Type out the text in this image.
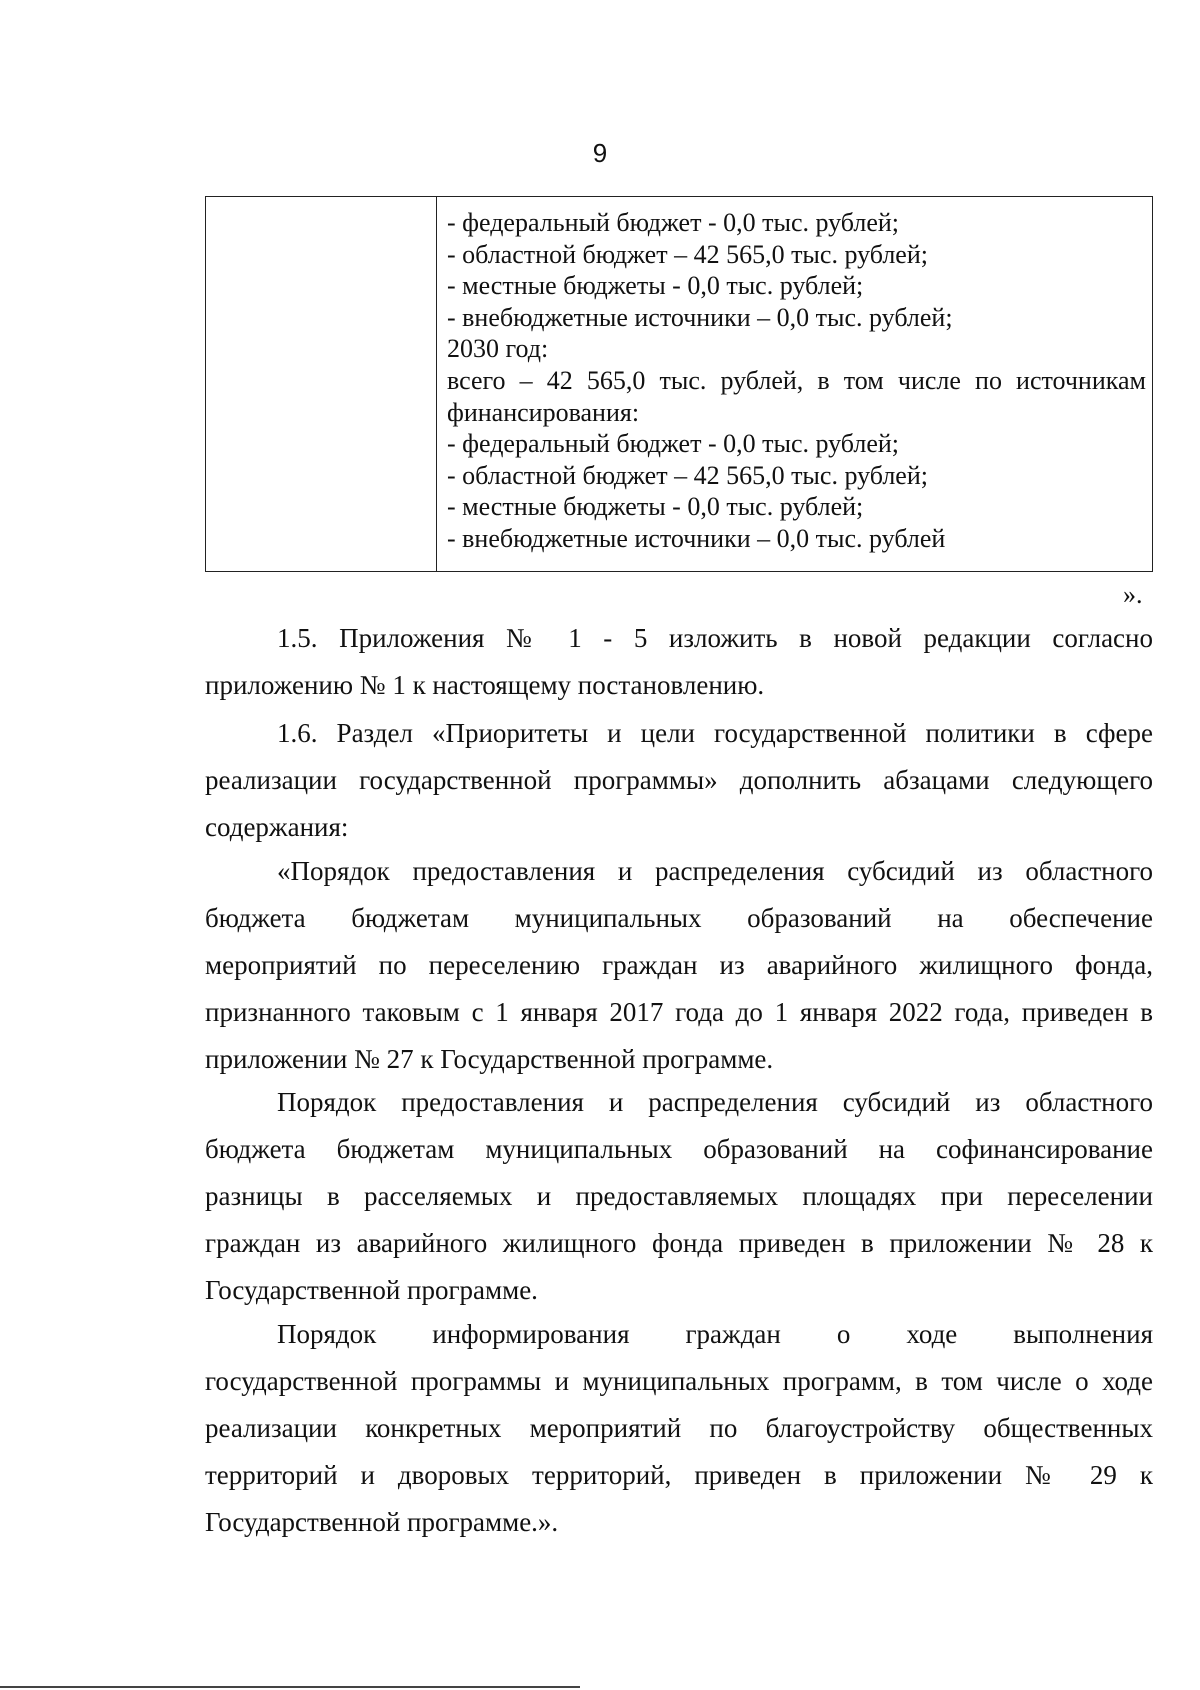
9

- федеральный бюджет - 0,0 тыс. рублей;
- областной бюджет – 42 565,0 тыс. рублей;
- местные бюджеты - 0,0 тыс. рублей;
- внебюджетные источники – 0,0 тыс. рублей;
2030 год:
всего – 42 565,0 тыс. рублей, в том числе по источникам
финансирования:
- федеральный бюджет - 0,0 тыс. рублей;
- областной бюджет – 42 565,0 тыс. рублей;
- местные бюджеты - 0,0 тыс. рублей;
- внебюджетные источники – 0,0 тыс. рублей
».

1.5. Приложения № 1 - 5 изложить в новой редакции согласно
приложению № 1 к настоящему постановлению.

1.6. Раздел «Приоритеты и цели государственной политики в сфере
реализации государственной программы» дополнить абзацами следующего
содержания:

«Порядок предоставления и распределения субсидий из областного
бюджета бюджетам муниципальных образований на обеспечение
мероприятий по переселению граждан из аварийного жилищного фонда,
признанного таковым с 1 января 2017 года до 1 января 2022 года, приведен в
приложении № 27 к Государственной программе.

Порядок предоставления и распределения субсидий из областного
бюджета бюджетам муниципальных образований на софинансирование
разницы в расселяемых и предоставляемых площадях при переселении
граждан из аварийного жилищного фонда приведен в приложении № 28 к
Государственной программе.

Порядок информирования граждан о ходе выполнения
государственной программы и муниципальных программ, в том числе о ходе
реализации конкретных мероприятий по благоустройству общественных
территорий и дворовых территорий, приведен в приложении № 29 к
Государственной программе.».
